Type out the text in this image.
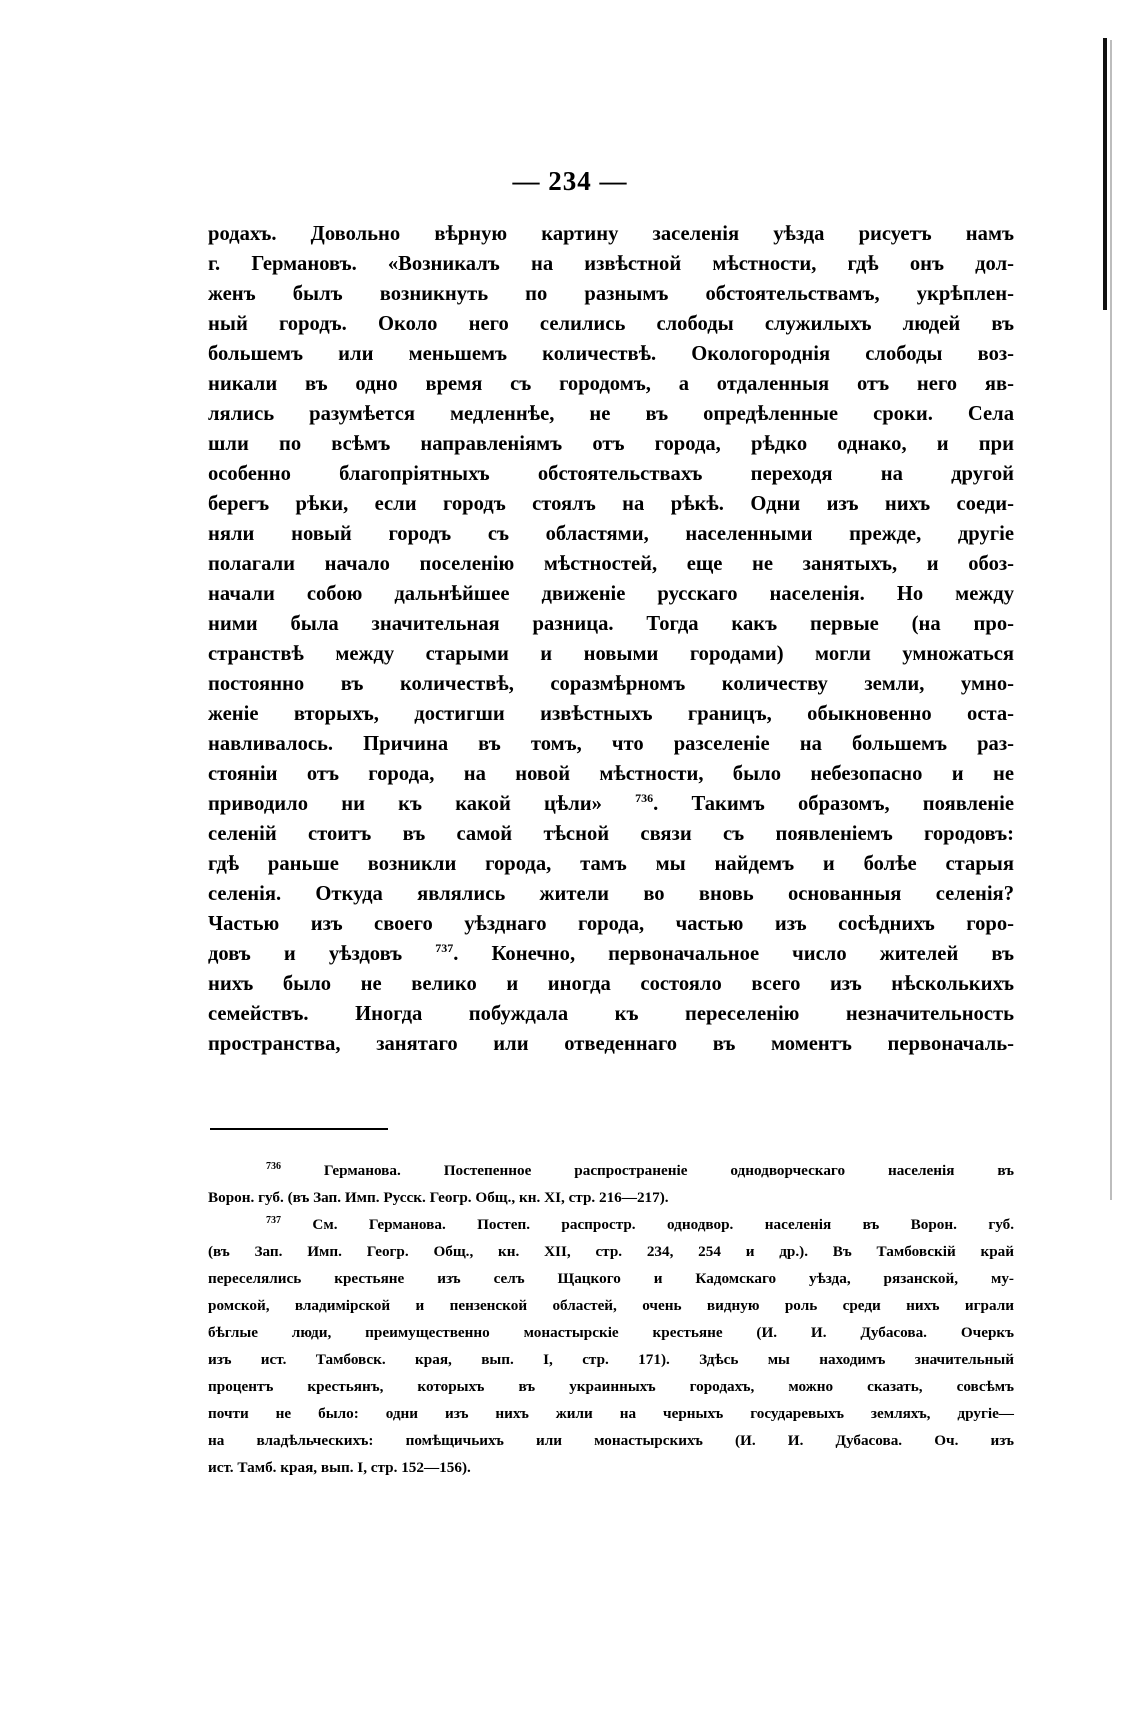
— 234 —
родахъ. Довольно вѣрную картину заселенія уѣзда рисуетъ намъ
г. Германовъ. «Возникалъ на извѣстной мѣстности, гдѣ онъ дол-
женъ былъ возникнуть по разнымъ обстоятельствамъ, укрѣплен-
ный городъ. Около него селились слободы служилыхъ людей въ
большемъ или меньшемъ количествѣ. Окологороднія слободы воз-
никали въ одно время съ городомъ, а отдаленныя отъ него яв-
лялись разумѣется медленнѣе, не въ опредѣленные сроки. Села
шли по всѣмъ направленіямъ отъ города, рѣдко однако, и при
особенно благопріятныхъ обстоятельствахъ переходя на другой
берегъ рѣки, если городъ стоялъ на рѣкѣ. Одни изъ нихъ соеди-
няли новый городъ съ областями, населенными прежде, другіе
полагали начало поселенію мѣстностей, еще не занятыхъ, и обоз-
начали собою дальнѣйшее движеніе русскаго населенія. Но между
ними была значительная разница. Тогда какъ первые (на про-
странствѣ между старыми и новыми городами) могли умножаться
постоянно въ количествѣ, соразмѣрномъ количеству земли, умно-
женіе вторыхъ, достигши извѣстныхъ границъ, обыкновенно оста-
навливалось. Причина въ томъ, что разселеніе на большемъ раз-
стояніи отъ города, на новой мѣстности, было небезопасно и не
приводило ни къ какой цѣли»	$^{736}$. Такимъ образомъ, появленіе
селеній стоитъ въ самой тѣсной связи съ появленіемъ городовъ:
гдѣ раньше возникли города, тамъ мы найдемъ и болѣе старыя
селенія. Откуда являлись жители во вновь основанныя селенія?
Частью изъ своего уѣзднаго города, частью изъ сосѣднихъ горо-
довъ и уѣздовъ	$^{737}$. Конечно, первоначальное число жителей въ
нихъ было не велико и иногда состояло всего изъ нѣсколькихъ
семействъ. Иногда побуждала къ переселенію незначительность
пространства, занятаго или отведеннаго въ моментъ первоначаль-
$^{736}$	Германова. Постепенное распространеніе однодворческаго населенія въ
Ворон. губ. (въ Зап. Имп. Русск. Геогр. Общ., кн. XI, стр. 216—217).
$^{737}$ См. Германова. Постеп. распростр. однодвор. населенія въ Ворон. губ.
(въ Зап. Имп. Геогр. Общ., кн. XII, стр. 234, 254 и др.). Въ Тамбовскій край
переселялись крестьяне изъ селъ Щацкого и Кадомскаго уѣзда, рязанской, му-
ромской, владимірской и пензенской областей, очень видную роль среди нихъ играли
бѣглые люди, преимущественно монастырскіе крестьяне (И. И. Дубасова. Очеркъ
изъ ист. Тамбовск. края, вып. I, стр. 171). Здѣсь мы находимъ значительный
процентъ крестьянъ, которыхъ въ украинныхъ городахъ, можно сказать, совсѣмъ
почти не было: одни изъ нихъ жили на черныхъ государевыхъ земляхъ, другіе—
на владѣльческихъ: помѣщичьихъ или монастырскихъ (И. И. Дубасова. Оч. изъ
ист. Тамб. края, вып. I, стр. 152—156).
